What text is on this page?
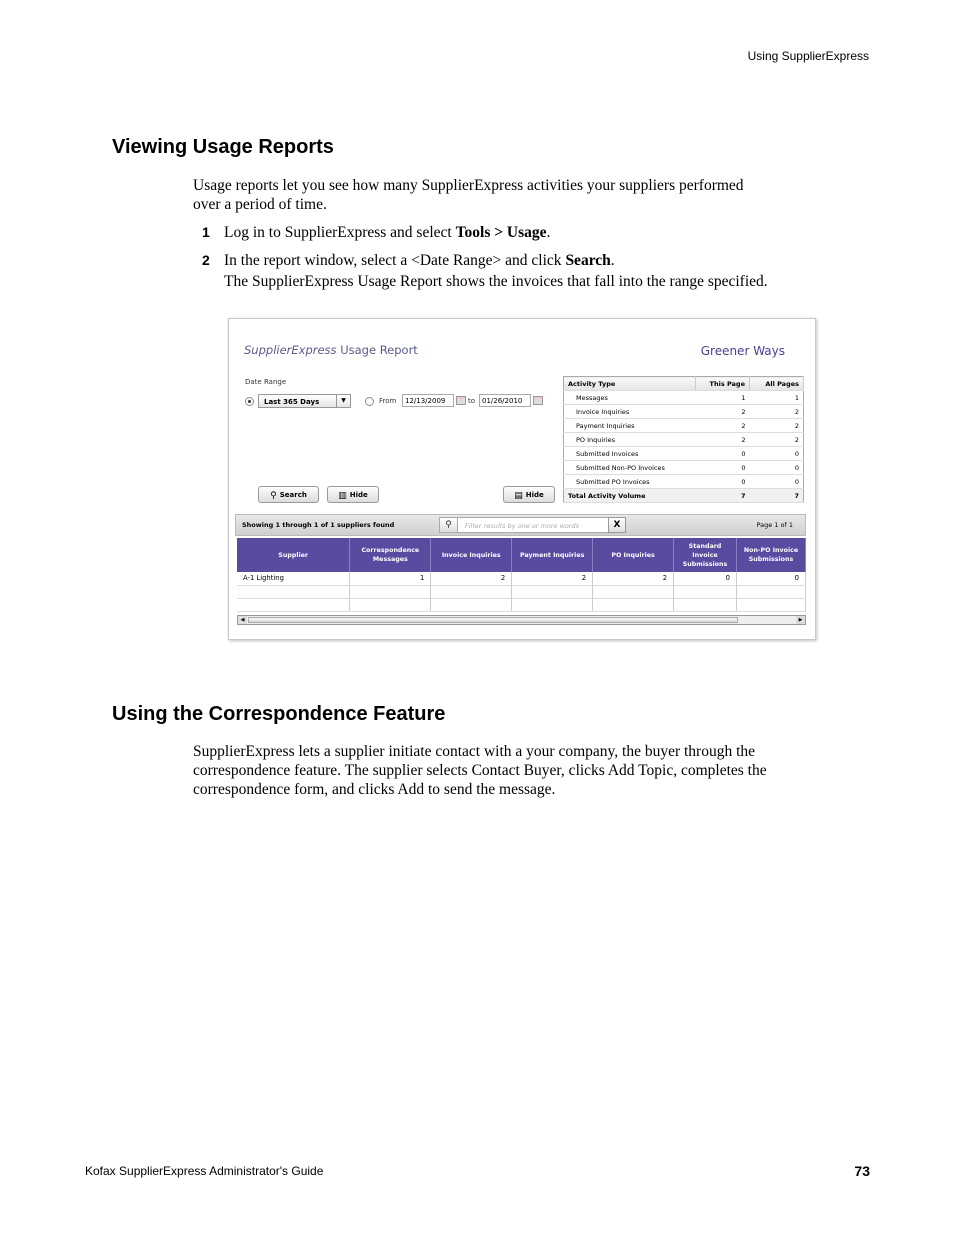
Using SupplierExpress
Viewing Usage Reports

Usage reports let you see how many SupplierExpress activities your suppliers performed
over a period of time.

1 Log in to SupplierExpress and select Tools > Usage.
2 In the report window, select a <Date Range> and click Search.
The SupplierExpress Usage Report shows the invoices that fall into the range specified.
SupplierExpress Usage Report	Greener Ways
Date Range
Last 365 Days	▼	From	12/13/2009	to 01/26/2010
⚲ Search	▥ Hide	▤ Hide
Activity Type	This Page	All Pages
Messages	1	1
Invoice Inquiries	2	2
Payment Inquiries	2	2
PO Inquiries	2	2
Submitted Invoices	0	0
Submitted Non-PO Invoices	0	0
Submitted PO Invoices	0	0
Total Activity Volume	7	7
Showing 1 through 1 of 1 suppliers found	⚲	Filter results by one or more words	X	Page 1 of 1
Supplier	Correspondence Messages	Invoice Inquiries	Payment Inquiries	PO Inquiries	Standard Invoice Submissions	Non-PO Invoice Submissions
A-1 Lighting	1	2	2	2	0	0

◀	▶
Using the Correspondence Feature

SupplierExpress lets a supplier initiate contact with a your company, the buyer through the
correspondence feature. The supplier selects Contact Buyer, clicks Add Topic, completes the
correspondence form, and clicks Add to send the message.

Kofax SupplierExpress Administrator's Guide	73
